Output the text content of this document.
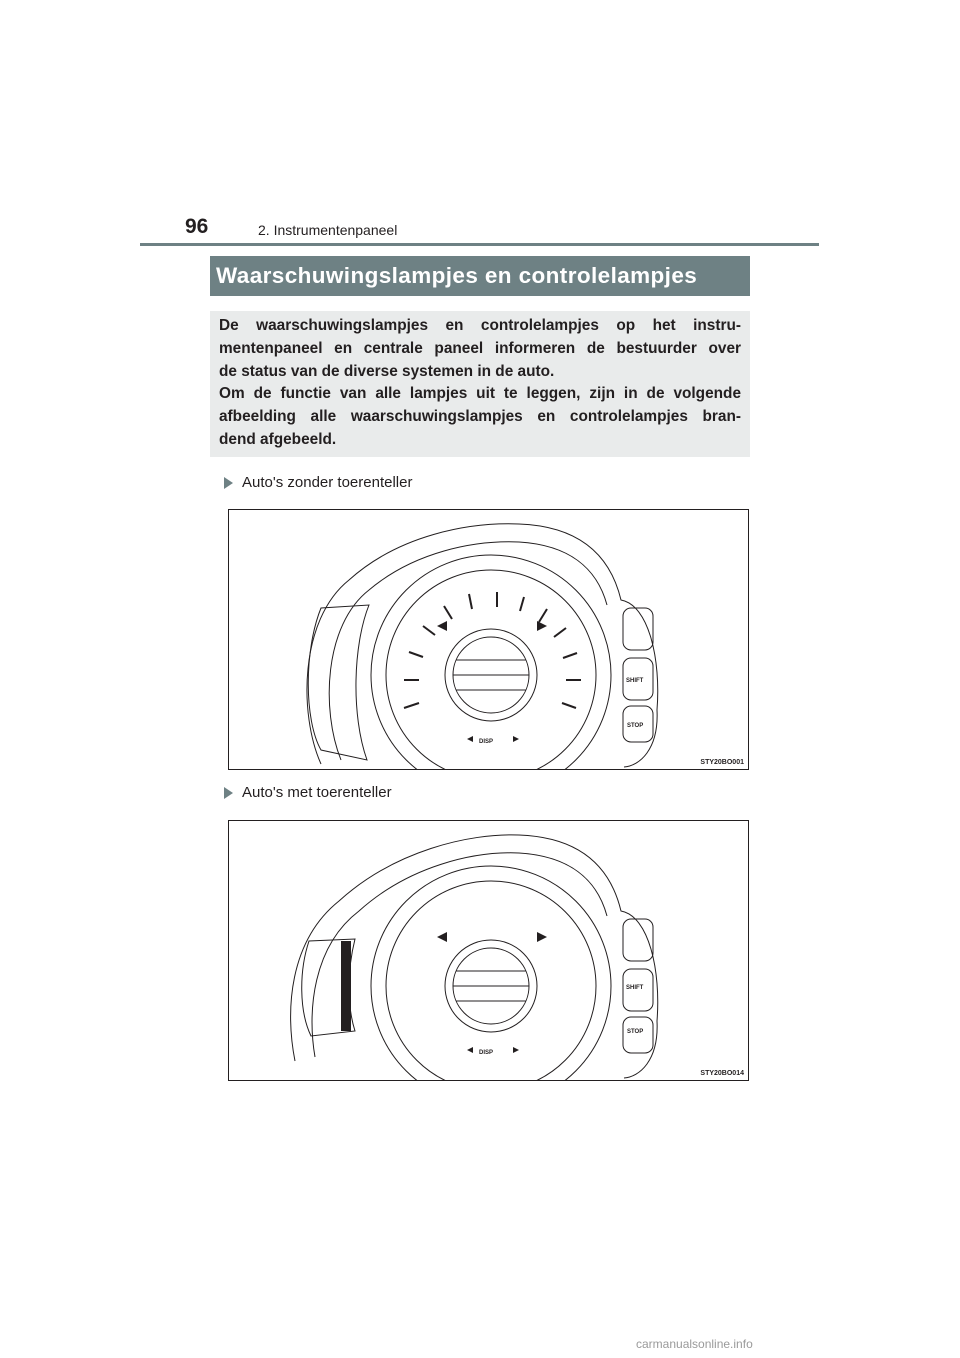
96	2. Instrumentenpaneel
Waarschuwingslampjes en controlelampjes

De waarschuwingslampjes en controlelampjes op het instru-

mentenpaneel en centrale paneel informeren de bestuurder over

de status van de diverse systemen in de auto.

Om de functie van alle lampjes uit te leggen, zijn in de volgende

afbeelding alle waarschuwingslampjes en controlelampjes bran-

dend afgebeeld.

Auto's zonder toerenteller
SHIFT
STOP
DISP
STY20BO001
Auto's met toerenteller
SHIFT
STOP
DISP
STY20BO014
carmanualsonline.info
